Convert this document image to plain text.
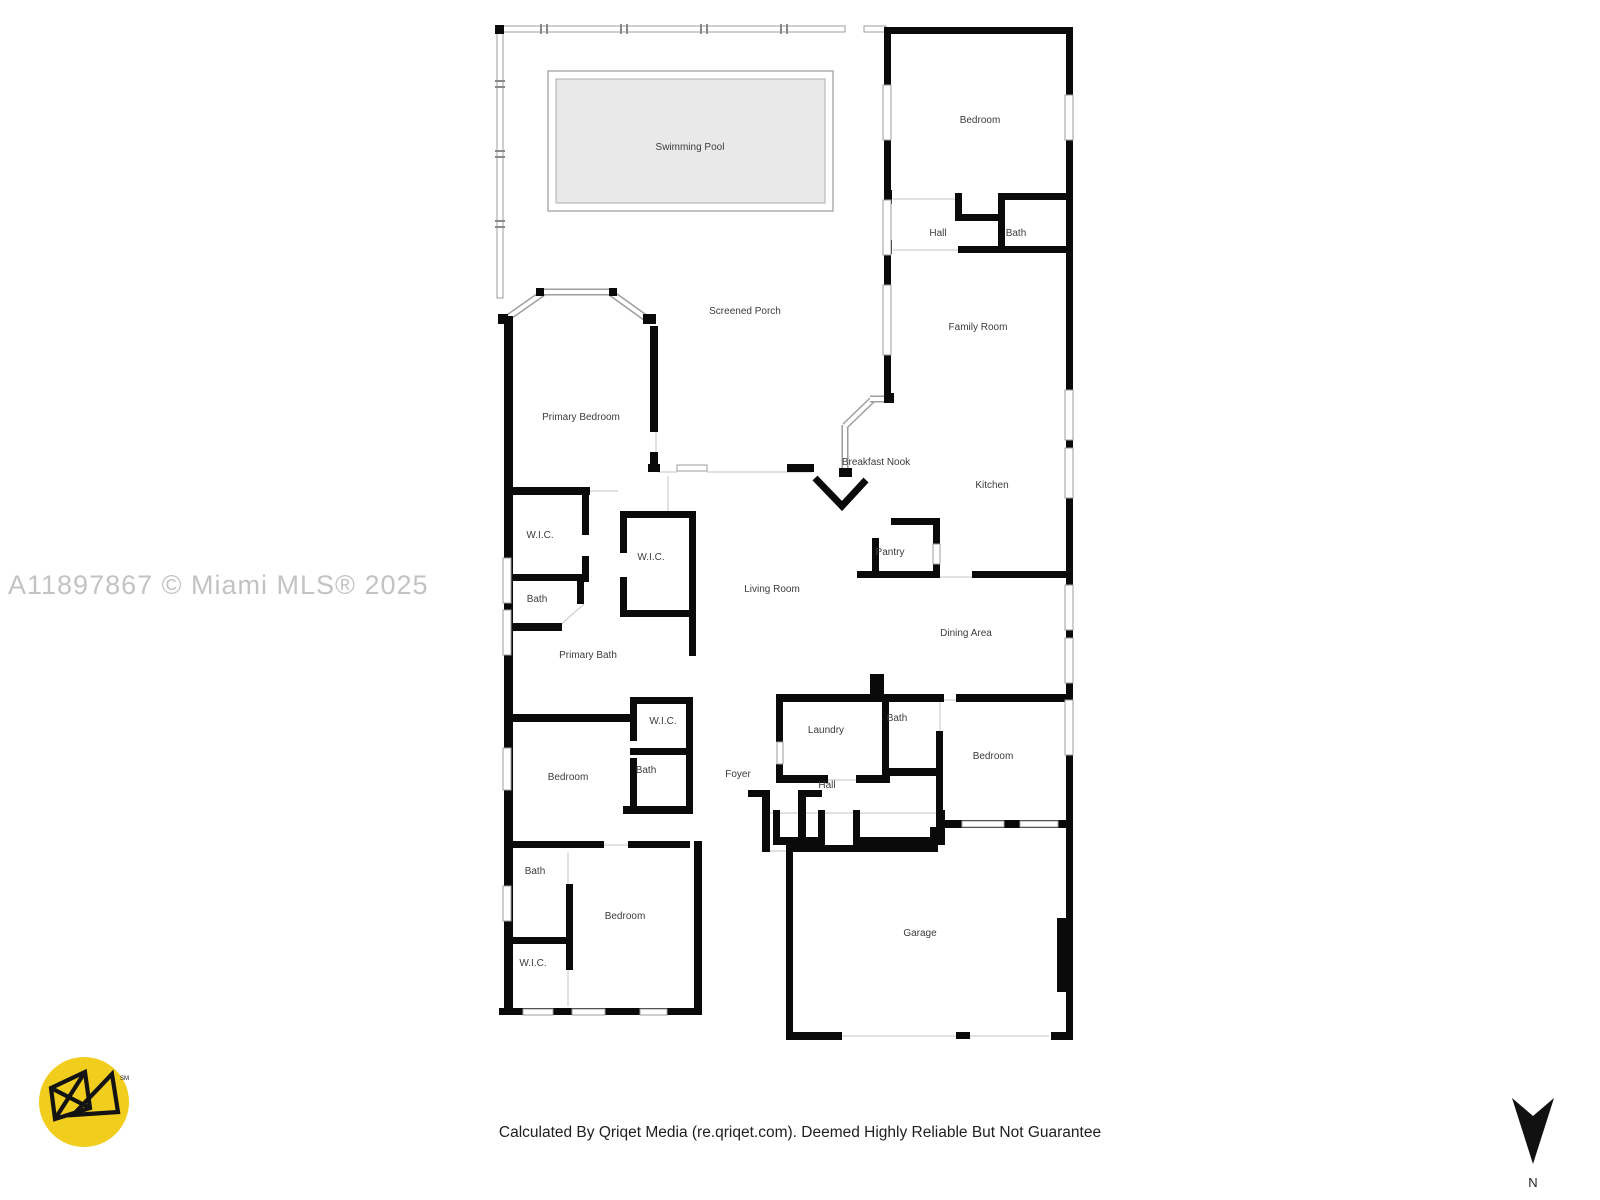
Swimming Pool
Bedroom
Hall	Bath
Screened Porch
Family Room
Primary Bedroom
Breakfast Nook
Kitchen
W.I.C.
Pantry
W.I.C.
Living Room
Bath
Dining Area
Primary Bath
Bath
W.I.C.
Laundry
Bedroom
Bath	Foyer
Bedroom
Hall
Bath
Bedroom
W.I.C.
Garage
A11897867 © Miami MLS® 2025
Calculated By Qriqet Media (re.qriqet.com). Deemed Highly Reliable But Not Guarantee
SM
N
